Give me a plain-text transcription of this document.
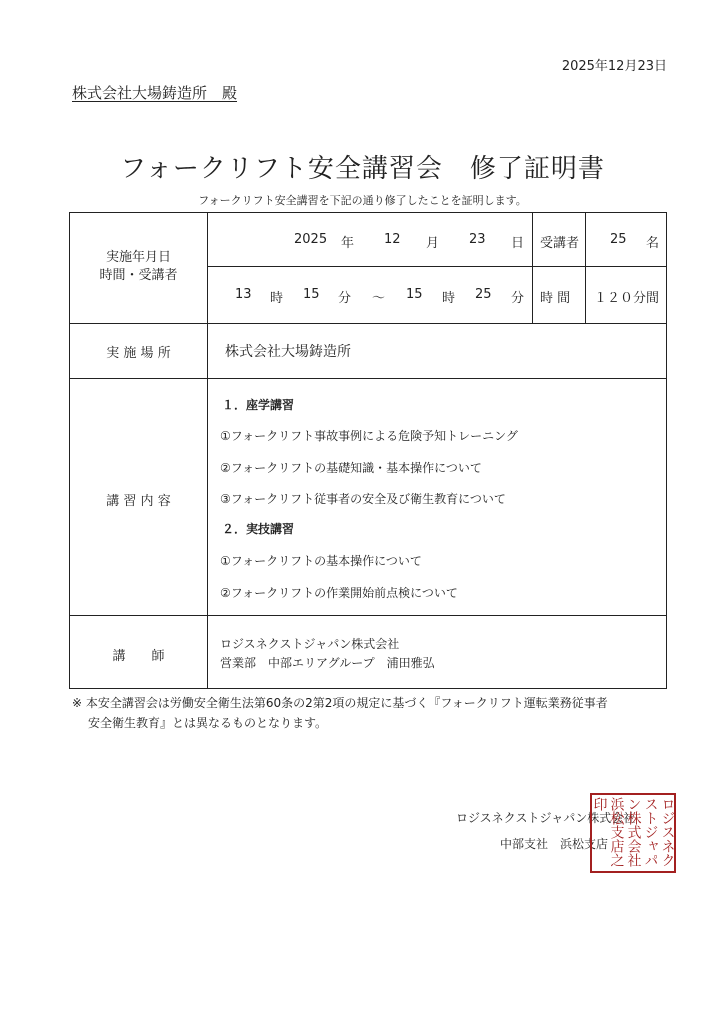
2025年12月23日
株式会社大場鋳造所　殿
フォークリフト安全講習会　修了証明書
フォークリフト安全講習を下記の通り修了したことを証明します。
実施年月日
時間・受講者
2025 年 12 月 23 日 受講者 25 名
13 時 15 分 ～ 15 時 25 分 時 間 １２０分間
実 施 場 所	株式会社大場鋳造所
講 習 内 容
１．座学講習
①フォークリフト事故事例による危険予知トレーニング
②フォークリフトの基礎知識・基本操作について
③フォークリフト従事者の安全及び衛生教育について
２．実技講習
①フォークリフトの基本操作について
②フォークリフトの作業開始前点検について
講　　師
ロジスネクストジャパン株式会社
営業部　中部エリアグループ　浦田雅弘
※ 本安全講習会は労働安全衛生法第60条の2第2項の規定に基づく『フォークリフト運転業務従事者
安全衛生教育』とは異なるものとなります。
ロジスネクストジャパン株式会社
中部支社　浜松支店	ロジスネクストジャパン株式会社浜松支店之印
